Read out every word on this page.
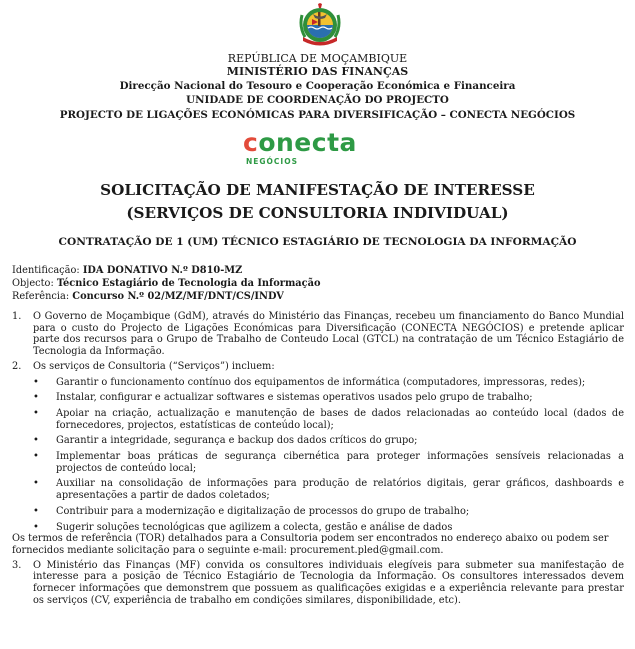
REPÚBLICA DE MOÇAMBIQUE
MINISTÉRIO DAS FINANÇAS
Direcção Nacional do Tesouro e Cooperação Económica e Financeira
UNIDADE DE COORDENAÇÃO DO PROJECTO
PROJECTO DE LIGAÇÕES ECONÓMICAS PARA DIVERSIFICAÇÃO – CONECTA NEGÓCIOS
conecta
NEGÓCIOS
SOLICITAÇÃO DE MANIFESTAÇÃO DE INTERESSE
(SERVIÇOS DE CONSULTORIA INDIVIDUAL)
CONTRATAÇÃO DE 1 (UM) TÉCNICO ESTAGIÁRIO DE TECNOLOGIA DA INFORMAÇÃO
Identificação: IDA DONATIVO N.º D810-MZ
Objecto: Técnico Estagiário de Tecnologia da Informação
Referência: Concurso N.º 02/MZ/MF/DNT/CS/INDV
1.	O Governo de Moçambique (GdM), através do Ministério das Finanças, recebeu um financiamento do Banco Mundial para o custo do Projecto de Ligações Económicas para Diversificação (CONECTA NEGÓCIOS) e pretende aplicar parte dos recursos para o Grupo de Trabalho de Conteudo Local (GTCL) na contratação de um Técnico Estagiário de Tecnologia da Informação.
2.	Os serviços de Consultoria (“Serviços”) incluem:
•	Garantir o funcionamento contínuo dos equipamentos de informática (computadores, impressoras, redes);
•	Instalar, configurar e actualizar softwares e sistemas operativos usados pelo grupo de trabalho;
•	Apoiar na criação, actualização e manutenção de bases de dados relacionadas ao conteúdo local (dados de fornecedores, projectos, estatísticas de conteúdo local);
•	Garantir a integridade, segurança e backup dos dados críticos do grupo;
•	Implementar boas práticas de segurança cibernética para proteger informações sensíveis relacionadas a projectos de conteúdo local;
•	Auxiliar na consolidação de informações para produção de relatórios digitais, gerar gráficos, dashboards e apresentações a partir de dados coletados;
•	Contribuir para a modernização e digitalização de processos do grupo de trabalho;
•	Sugerir soluções tecnológicas que agilizem a colecta, gestão e análise de dados
Os termos de referência (TOR) detalhados para a Consultoria podem ser encontrados no endereço abaixo ou podem ser fornecidos mediante solicitação para o seguinte e-mail: procurement.pled@gmail.com.
3.	O Ministério das Finanças (MF) convida os consultores individuais elegíveis para submeter sua manifestação de interesse para a posição de Técnico Estagiário de Tecnologia da Informação. Os consultores interessados devem fornecer informações que demonstrem que possuem as qualificações exigidas e a experiência relevante para prestar os serviços (CV, experiência de trabalho em condições similares, disponibilidade, etc).
